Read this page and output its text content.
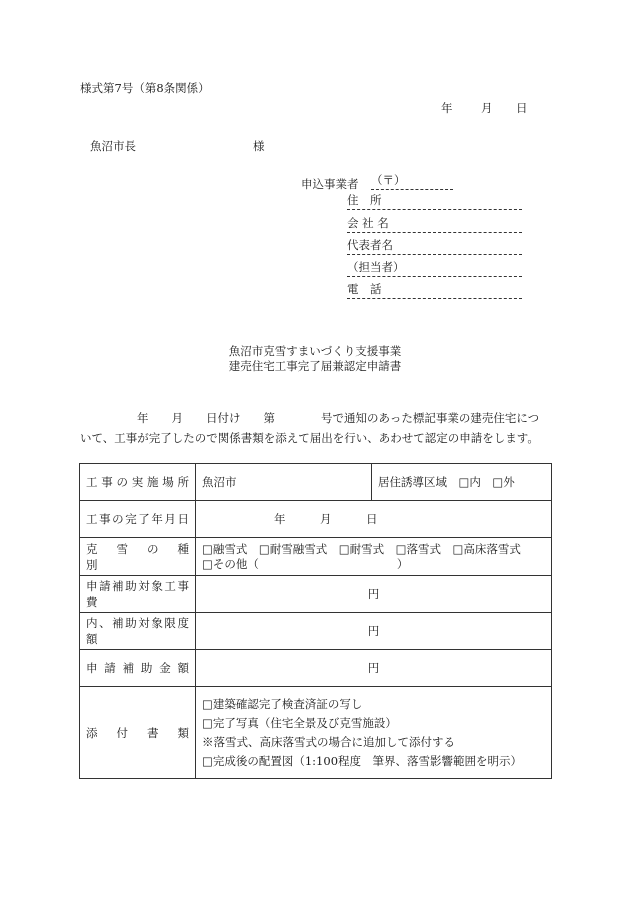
様式第7号（第8条関係）
年 月 日
魚沼市長	様
申込事業者 （〒）
住　所
会 社 名
代表者名
（担当者）
電　話
魚沼市克雪すまいづくり支援事業
建売住宅工事完了届兼認定申請書
年　　月　　日付け　　第　　　　号で通知のあった標記事業の建売住宅につ
いて、工事が完了したので関係書類を添えて届出を行い、あわせて認定の申請をします。
工事の実施場所	魚沼市	居住誘導区域　□内　□外
工事の完了年月日	年　　　月　　　日	
克　雪　の　種　別	□融雪式　□耐雪融雪式　□耐雪式　□落雪式　□高床落雪式
□その他（　　　　　　　　　　　　）	

申請補助対象工事費	円	
内、補助対象限度額	円	
申請補助金額	円	
添　付　書　類	□建築確認完了検査済証の写し
□完了写真（住宅全景及び克雪施設）
※落雪式、高床落雪式の場合に追加して添付する
□完成後の配置図（1:100程度　筆界、落雪影響範囲を明示）	
